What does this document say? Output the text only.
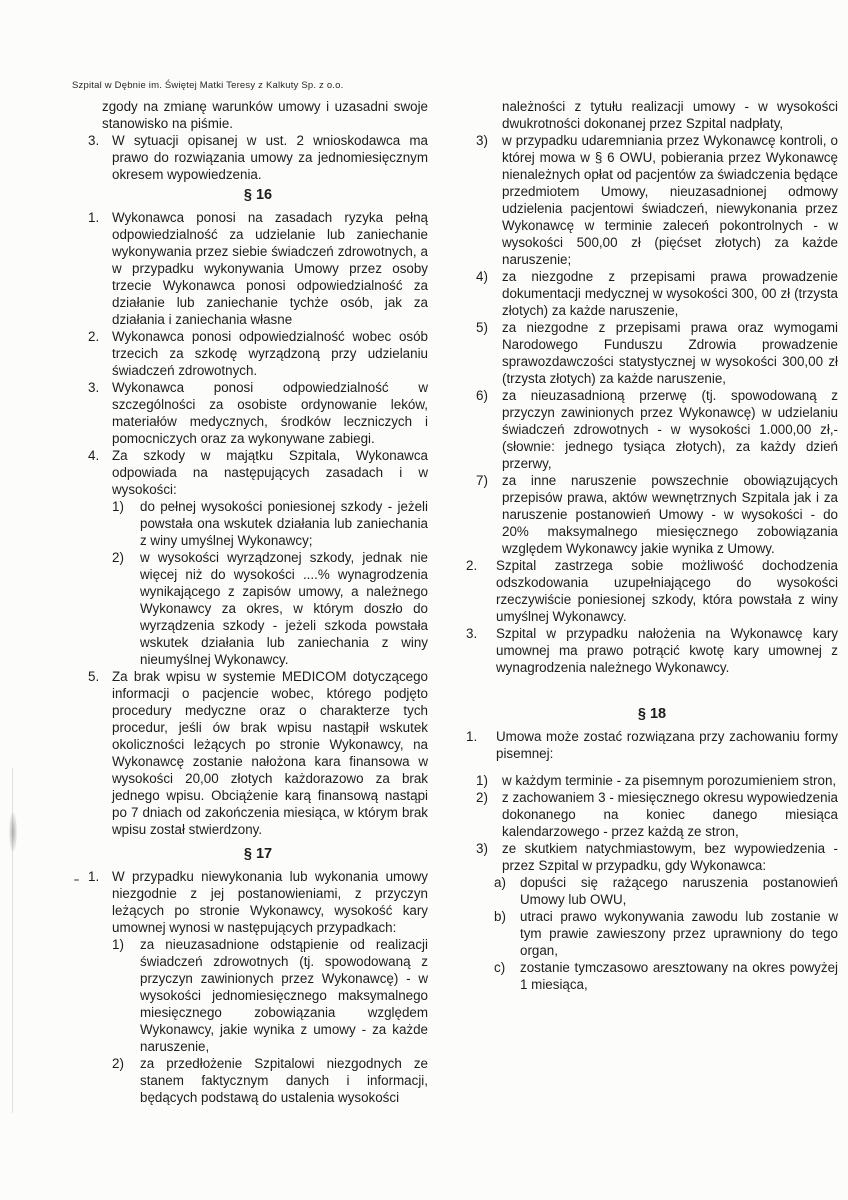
Szpital w Dębnie im. Świętej Matki Teresy z Kalkuty Sp. z o.o.
zgody na zmianę warunków umowy i uzasadni swoje stanowisko na piśmie.
3. W sytuacji opisanej w ust. 2 wnioskodawca ma prawo do rozwiązania umowy za jednomiesięcznym okresem wypowiedzenia.
§ 16
1. Wykonawca ponosi na zasadach ryzyka pełną odpowiedzialność za udzielanie lub zaniechanie wykonywania przez siebie świadczeń zdrowotnych, a w przypadku wykonywania Umowy przez osoby trzecie Wykonawca ponosi odpowiedzialność za działanie lub zaniechanie tychże osób, jak za działania i zaniechania własne
2. Wykonawca ponosi odpowiedzialność wobec osób trzecich za szkodę wyrządzoną przy udzielaniu świadczeń zdrowotnych.
3. Wykonawca ponosi odpowiedzialność w szczególności za osobiste ordynowanie leków, materiałów medycznych, środków leczniczych i pomocniczych oraz za wykonywane zabiegi.
4. Za szkody w majątku Szpitala, Wykonawca odpowiada na następujących zasadach i w wysokości:
1)	do pełnej wysokości poniesionej szkody - jeżeli powstała ona wskutek działania lub zaniechania z winy umyślnej Wykonawcy;
2)	w wysokości wyrządzonej szkody, jednak nie więcej niż do wysokości ....% wynagrodzenia wynikającego z zapisów umowy, a należnego Wykonawcy za okres, w którym doszło do wyrządzenia szkody - jeżeli szkoda powstała wskutek działania lub zaniechania z winy nieumyślnej Wykonawcy.
5. Za brak wpisu w systemie MEDICOM dotyczącego informacji o pacjencie wobec, którego podjęto procedury medyczne oraz o charakterze tych procedur, jeśli ów brak wpisu nastąpił wskutek okoliczności leżących po stronie Wykonawcy, na Wykonawcę zostanie nałożona kara finansowa w wysokości 20,00 złotych każdorazowo za brak jednego wpisu. Obciążenie karą finansową nastąpi po 7 dniach od zakończenia miesiąca, w którym brak wpisu został stwierdzony.
§ 17
1. W przypadku niewykonania lub wykonania umowy niezgodnie z jej postanowieniami, z przyczyn leżących po stronie Wykonawcy, wysokość kary umownej wynosi w następujących przypadkach:
1)	za nieuzasadnione odstąpienie od realizacji świadczeń zdrowotnych (tj. spowodowaną z przyczyn zawinionych przez Wykonawcę) - w wysokości jednomiesięcznego maksymalnego miesięcznego zobowiązania względem Wykonawcy, jakie wynika z umowy - za każde naruszenie,
2)	za przedłożenie Szpitalowi niezgodnych ze stanem faktycznym danych i informacji, będących podstawą do ustalenia wysokości
należności z tytułu realizacji umowy - w wysokości dwukrotności dokonanej przez Szpital nadpłaty,
3)	w przypadku udaremniania przez Wykonawcę kontroli, o której mowa w § 6 OWU, pobierania przez Wykonawcę nienależnych opłat od pacjentów za świadczenia będące przedmiotem Umowy, nieuzasadnionej odmowy udzielenia pacjentowi świadczeń, niewykonania przez Wykonawcę w terminie zaleceń pokontrolnych - w wysokości 500,00 zł (pięćset złotych) za każde naruszenie;
4)	za niezgodne z przepisami prawa prowadzenie dokumentacji medycznej w wysokości 300, 00 zł (trzysta złotych) za każde naruszenie,
5)	za niezgodne z przepisami prawa oraz wymogami Narodowego Funduszu Zdrowia prowadzenie sprawozdawczości statystycznej w wysokości 300,00 zł (trzysta złotych) za każde naruszenie,
6)	za nieuzasadnioną przerwę (tj. spowodowaną z przyczyn zawinionych przez Wykonawcę) w udzielaniu świadczeń zdrowotnych - w wysokości 1.000,00 zł,- (słownie: jednego tysiąca złotych), za każdy dzień przerwy,
7)	za inne naruszenie powszechnie obowiązujących przepisów prawa, aktów wewnętrznych Szpitala jak i za naruszenie postanowień Umowy - w wysokości - do 20% maksymalnego miesięcznego zobowiązania względem Wykonawcy jakie wynika z Umowy.
2.	Szpital zastrzega sobie możliwość dochodzenia odszkodowania uzupełniającego do wysokości rzeczywiście poniesionej szkody, która powstała z winy umyślnej Wykonawcy.
3.	Szpital w przypadku nałożenia na Wykonawcę kary umownej ma prawo potrącić kwotę kary umownej z wynagrodzenia należnego Wykonawcy.
§ 18
1.	Umowa może zostać rozwiązana przy zachowaniu formy pisemnej:
1)	w każdym terminie - za pisemnym porozumieniem stron,
2)	z zachowaniem 3 - miesięcznego okresu wypowiedzenia dokonanego na koniec danego miesiąca kalendarzowego - przez każdą ze stron,
3)	ze skutkiem natychmiastowym, bez wypowiedzenia - przez Szpital w przypadku, gdy Wykonawca:
a)	dopuści się rażącego naruszenia postanowień Umowy lub OWU,
b)	utraci prawo wykonywania zawodu lub zostanie w tym prawie zawieszony przez uprawniony do tego organ,
c)	zostanie tymczasowo aresztowany na okres powyżej 1 miesiąca,
